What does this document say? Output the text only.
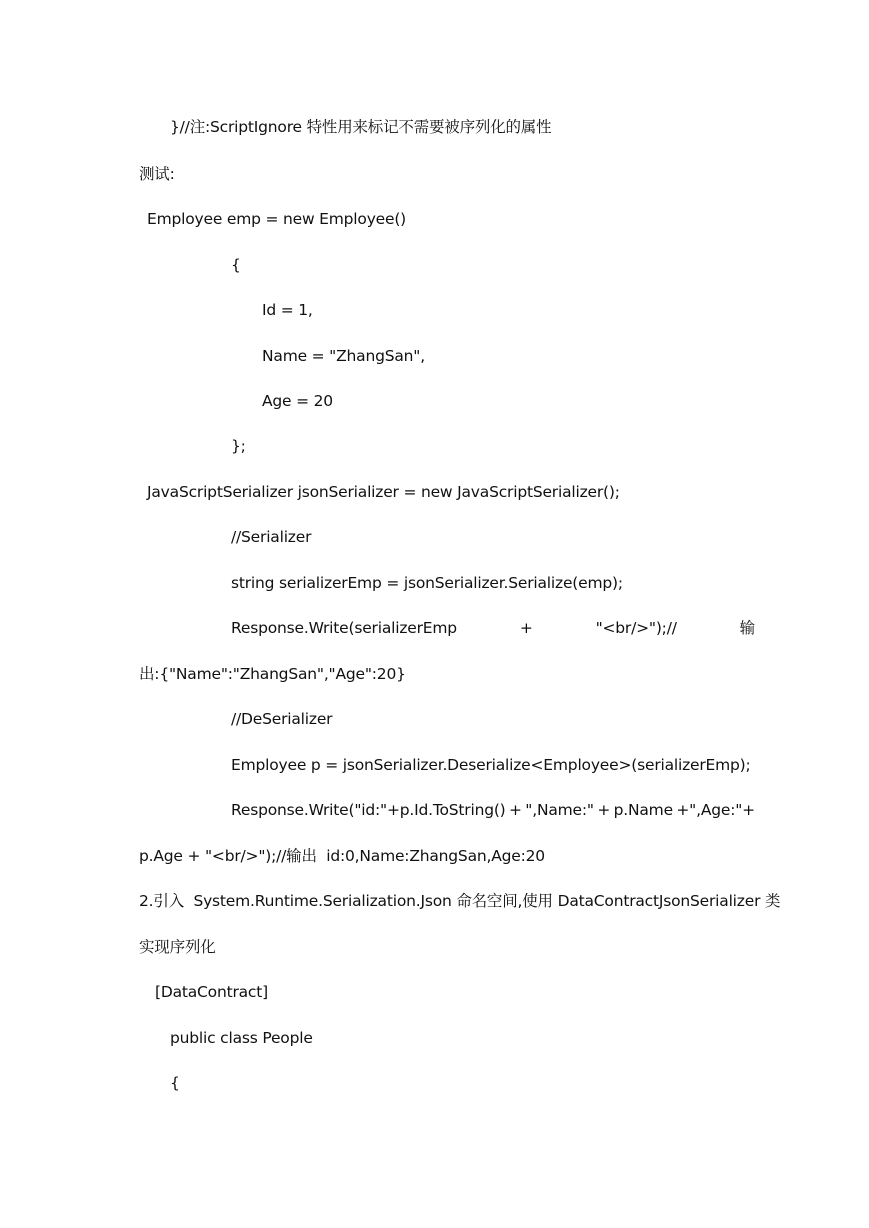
}//注:ScriptIgnore 特性用来标记不需要被序列化的属性
测试:
Employee emp = new Employee()
{
Id = 1,
Name = "ZhangSan",
Age = 20
};
JavaScriptSerializer jsonSerializer = new JavaScriptSerializer();
//Serializer
string serializerEmp = jsonSerializer.Serialize(emp);
Response.Write(serializerEmp	+	"<br/>");//	输
出:{"Name":"ZhangSan","Age":20}
//DeSerializer
Employee p = jsonSerializer.Deserialize<Employee>(serializerEmp);
Response.Write("id:"+p.Id.ToString() + ",Name:" + p.Name +",Age:"+
p.Age + "<br/>");//输出  id:0,Name:ZhangSan,Age:20
2.引入  System.Runtime.Serialization.Json 命名空间,使用 DataContractJsonSerializer 类
实现序列化
[DataContract]
public class People
{
